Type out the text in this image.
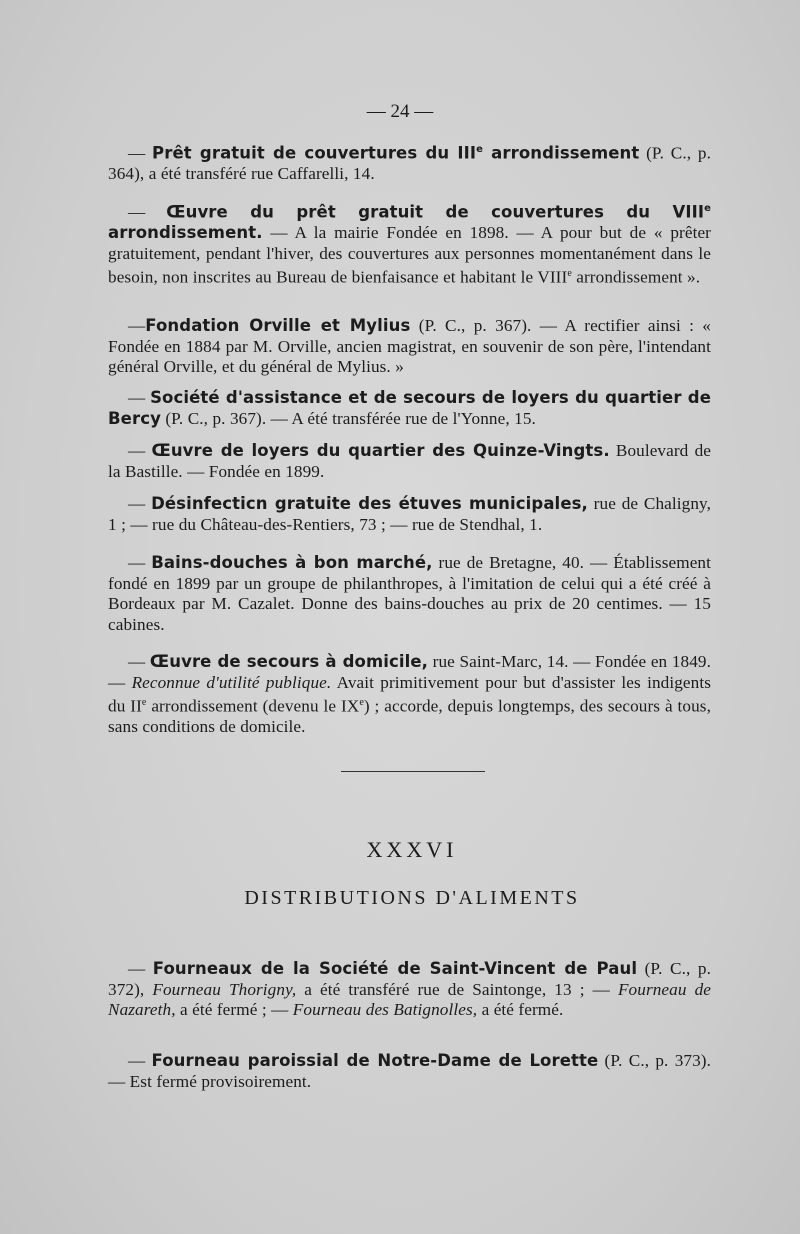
— 24 —
— Prêt gratuit de couvertures du IIIe arrondissement (P. C., p. 364), a été transféré rue Caffarelli, 14.
— Œuvre du prêt gratuit de couvertures du VIIIe arrondissement. — A la mairie Fondée en 1898. — A pour but de « prêter gratuitement, pendant l'hiver, des couvertures aux personnes momentanément dans le besoin, non inscrites au Bureau de bienfaisance et habitant le VIIIe arrondissement ».
—Fondation Orville et Mylius (P. C., p. 367). — A rectifier ainsi : « Fondée en 1884 par M. Orville, ancien magistrat, en souvenir de son père, l'intendant général Orville, et du général de Mylius. »
— Société d'assistance et de secours de loyers du quartier de Bercy (P. C., p. 367). — A été transférée rue de l'Yonne, 15.
— Œuvre de loyers du quartier des Quinze-Vingts. Boulevard de la Bastille. — Fondée en 1899.
— Désinfecticn gratuite des étuves municipales, rue de Chaligny, 1 ; — rue du Château-des-Rentiers, 73 ; — rue de Stendhal, 1.
— Bains-douches à bon marché, rue de Bretagne, 40. — Établissement fondé en 1899 par un groupe de philanthropes, à l'imitation de celui qui a été créé à Bordeaux par M. Cazalet. Donne des bains-douches au prix de 20 centimes. — 15 cabines.
— Œuvre de secours à domicile, rue Saint-Marc, 14. — Fondée en 1849. — Reconnue d'utilité publique. Avait primitivement pour but d'assister les indigents du IIe arrondissement (devenu le IXe) ; accorde, depuis longtemps, des secours à tous, sans conditions de domicile.
XXXVI
DISTRIBUTIONS D'ALIMENTS
— Fourneaux de la Société de Saint-Vincent de Paul (P. C., p. 372), Fourneau Thorigny, a été transféré rue de Saintonge, 13 ; — Fourneau de Nazareth, a été fermé ; — Fourneau des Batignolles, a été fermé.
— Fourneau paroissial de Notre-Dame de Lorette (P. C., p. 373). — Est fermé provisoirement.
